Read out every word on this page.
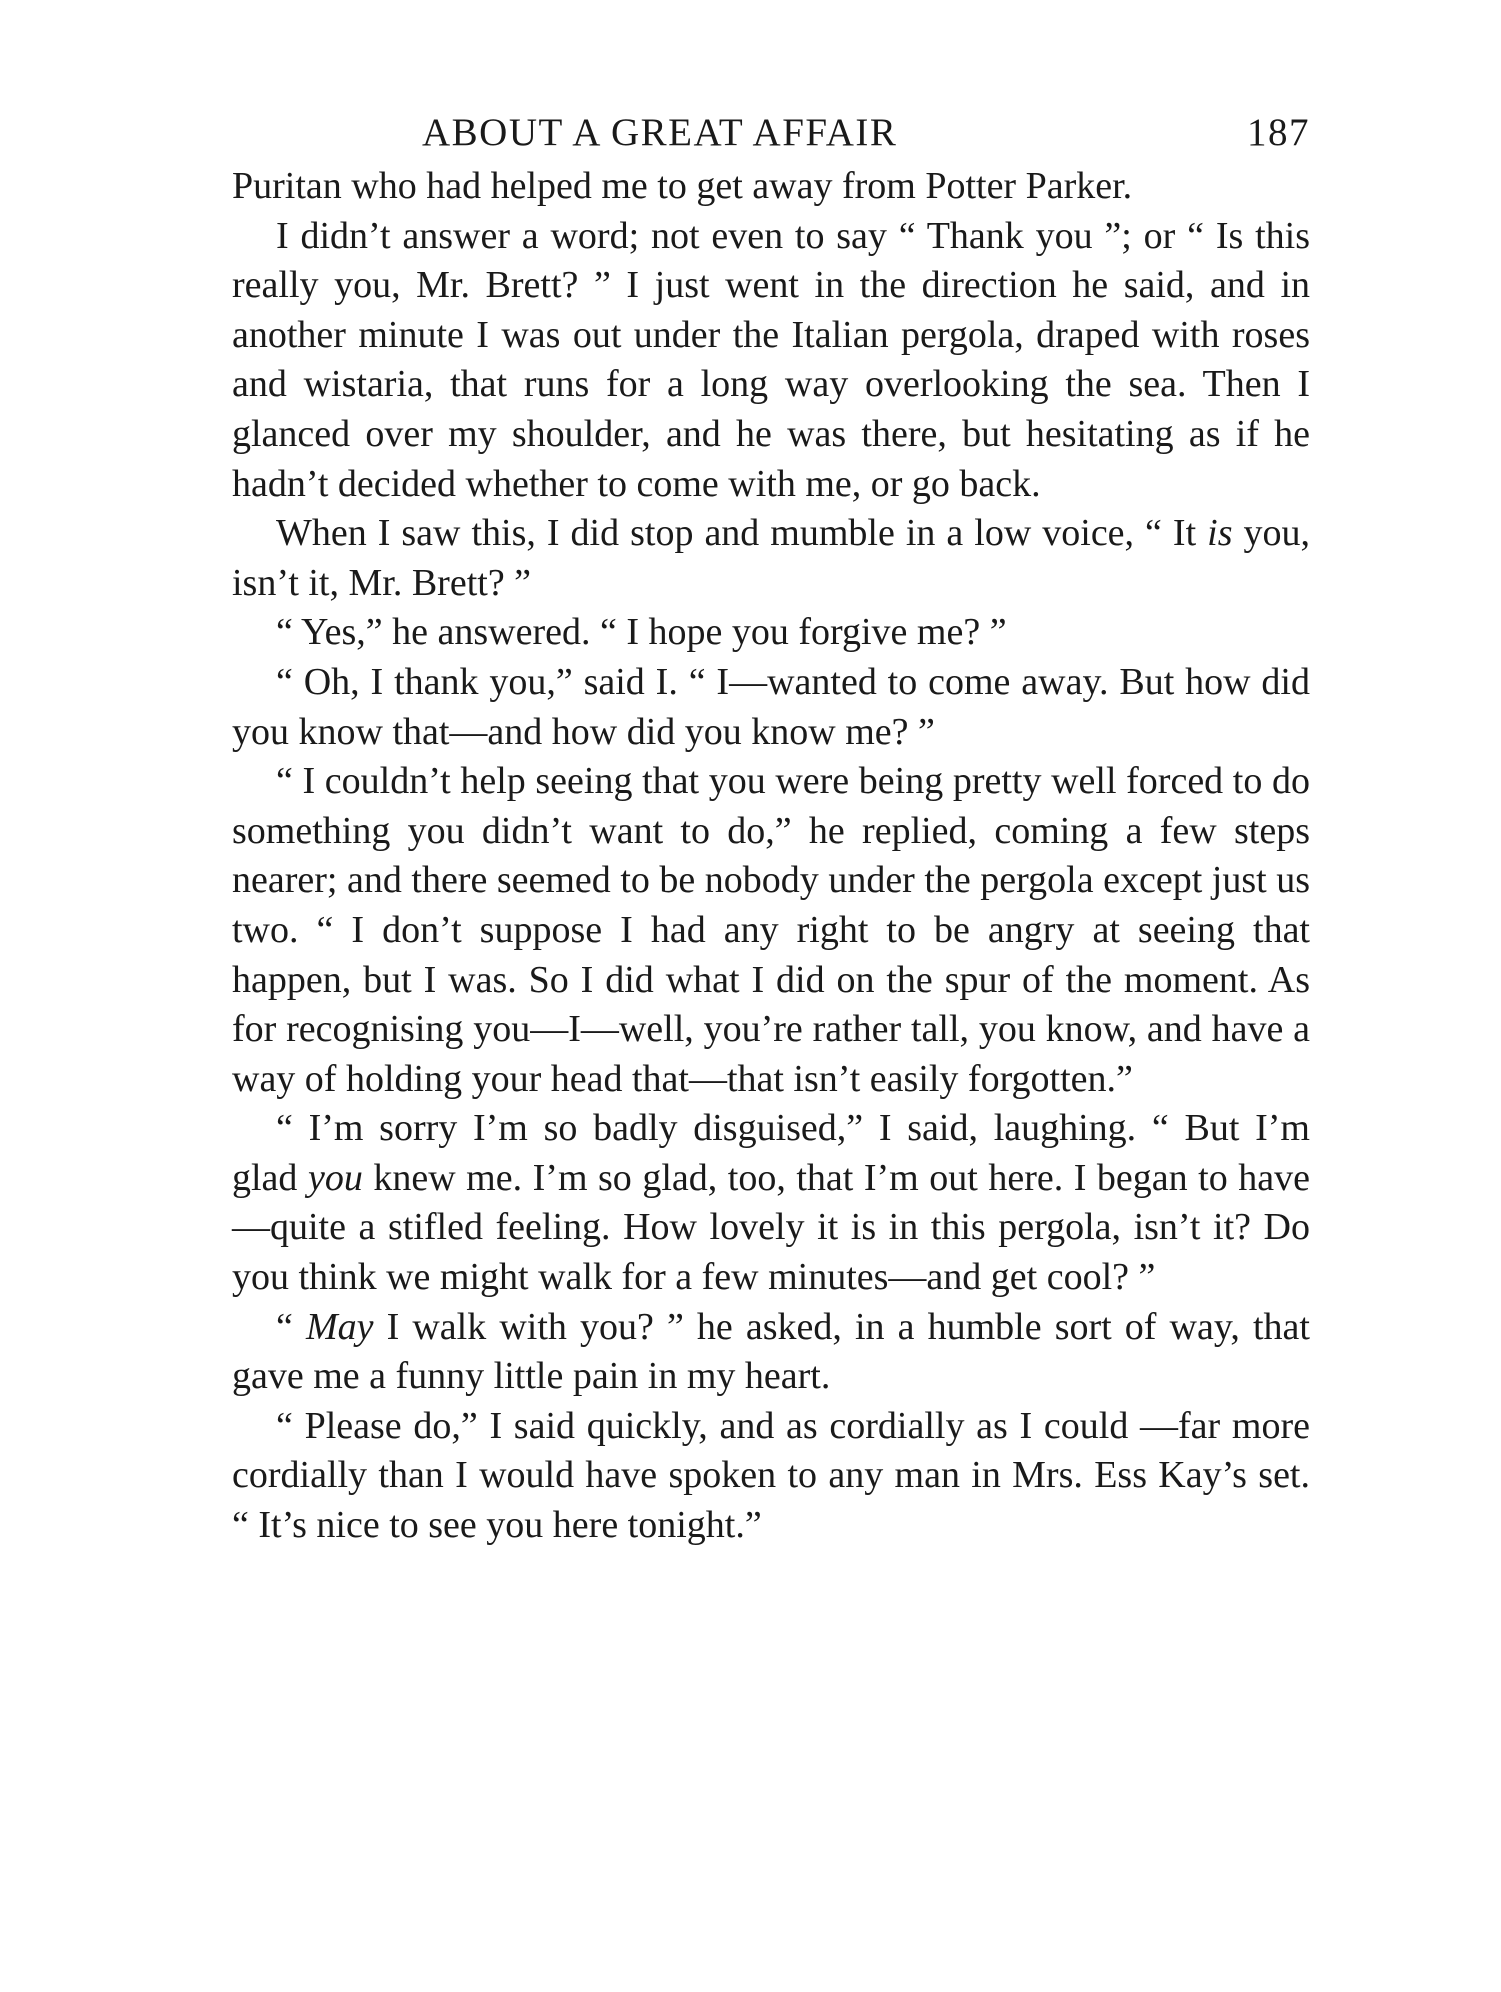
ABOUT A GREAT AFFAIR	187

Puritan who had helped me to get away from Potter Parker.

I didn’t answer a word; not even to say “ Thank you ”; or “ Is this really you, Mr. Brett? ” I just went in the direction he said, and in another minute I was out under the Italian pergola, draped with roses and wistaria, that runs for a long way overlooking the sea. Then I glanced over my shoulder, and he was there, but hesitating as if he hadn’t decided whether to come with me, or go back.

When I saw this, I did stop and mumble in a low voice, “ It is you, isn’t it, Mr. Brett? ”

“ Yes,” he answered. “ I hope you forgive me? ”

“ Oh, I thank you,” said I. “ I—wanted to come away. But how did you know that—and how did you know me? ”

“ I couldn’t help seeing that you were being pretty well forced to do something you didn’t want to do,” he replied, coming a few steps nearer; and there seemed to be nobody under the pergola except just us two. “ I don’t suppose I had any right to be angry at seeing that happen, but I was. So I did what I did on the spur of the moment. As for recognising you—I—well, you’re rather tall, you know, and have a way of holding your head that—that isn’t easily forgotten.”

“ I’m sorry I’m so badly disguised,” I said, laughing. “ But I’m glad you knew me. I’m so glad, too, that I’m out here. I began to have—quite a stifled feeling. How lovely it is in this pergola, isn’t it? Do you think we might walk for a few minutes—and get cool? ”

“ May I walk with you? ” he asked, in a humble sort of way, that gave me a funny little pain in my heart.

“ Please do,” I said quickly, and as cordially as I could —far more cordially than I would have spoken to any man in Mrs. Ess Kay’s set. “ It’s nice to see you here tonight.”
